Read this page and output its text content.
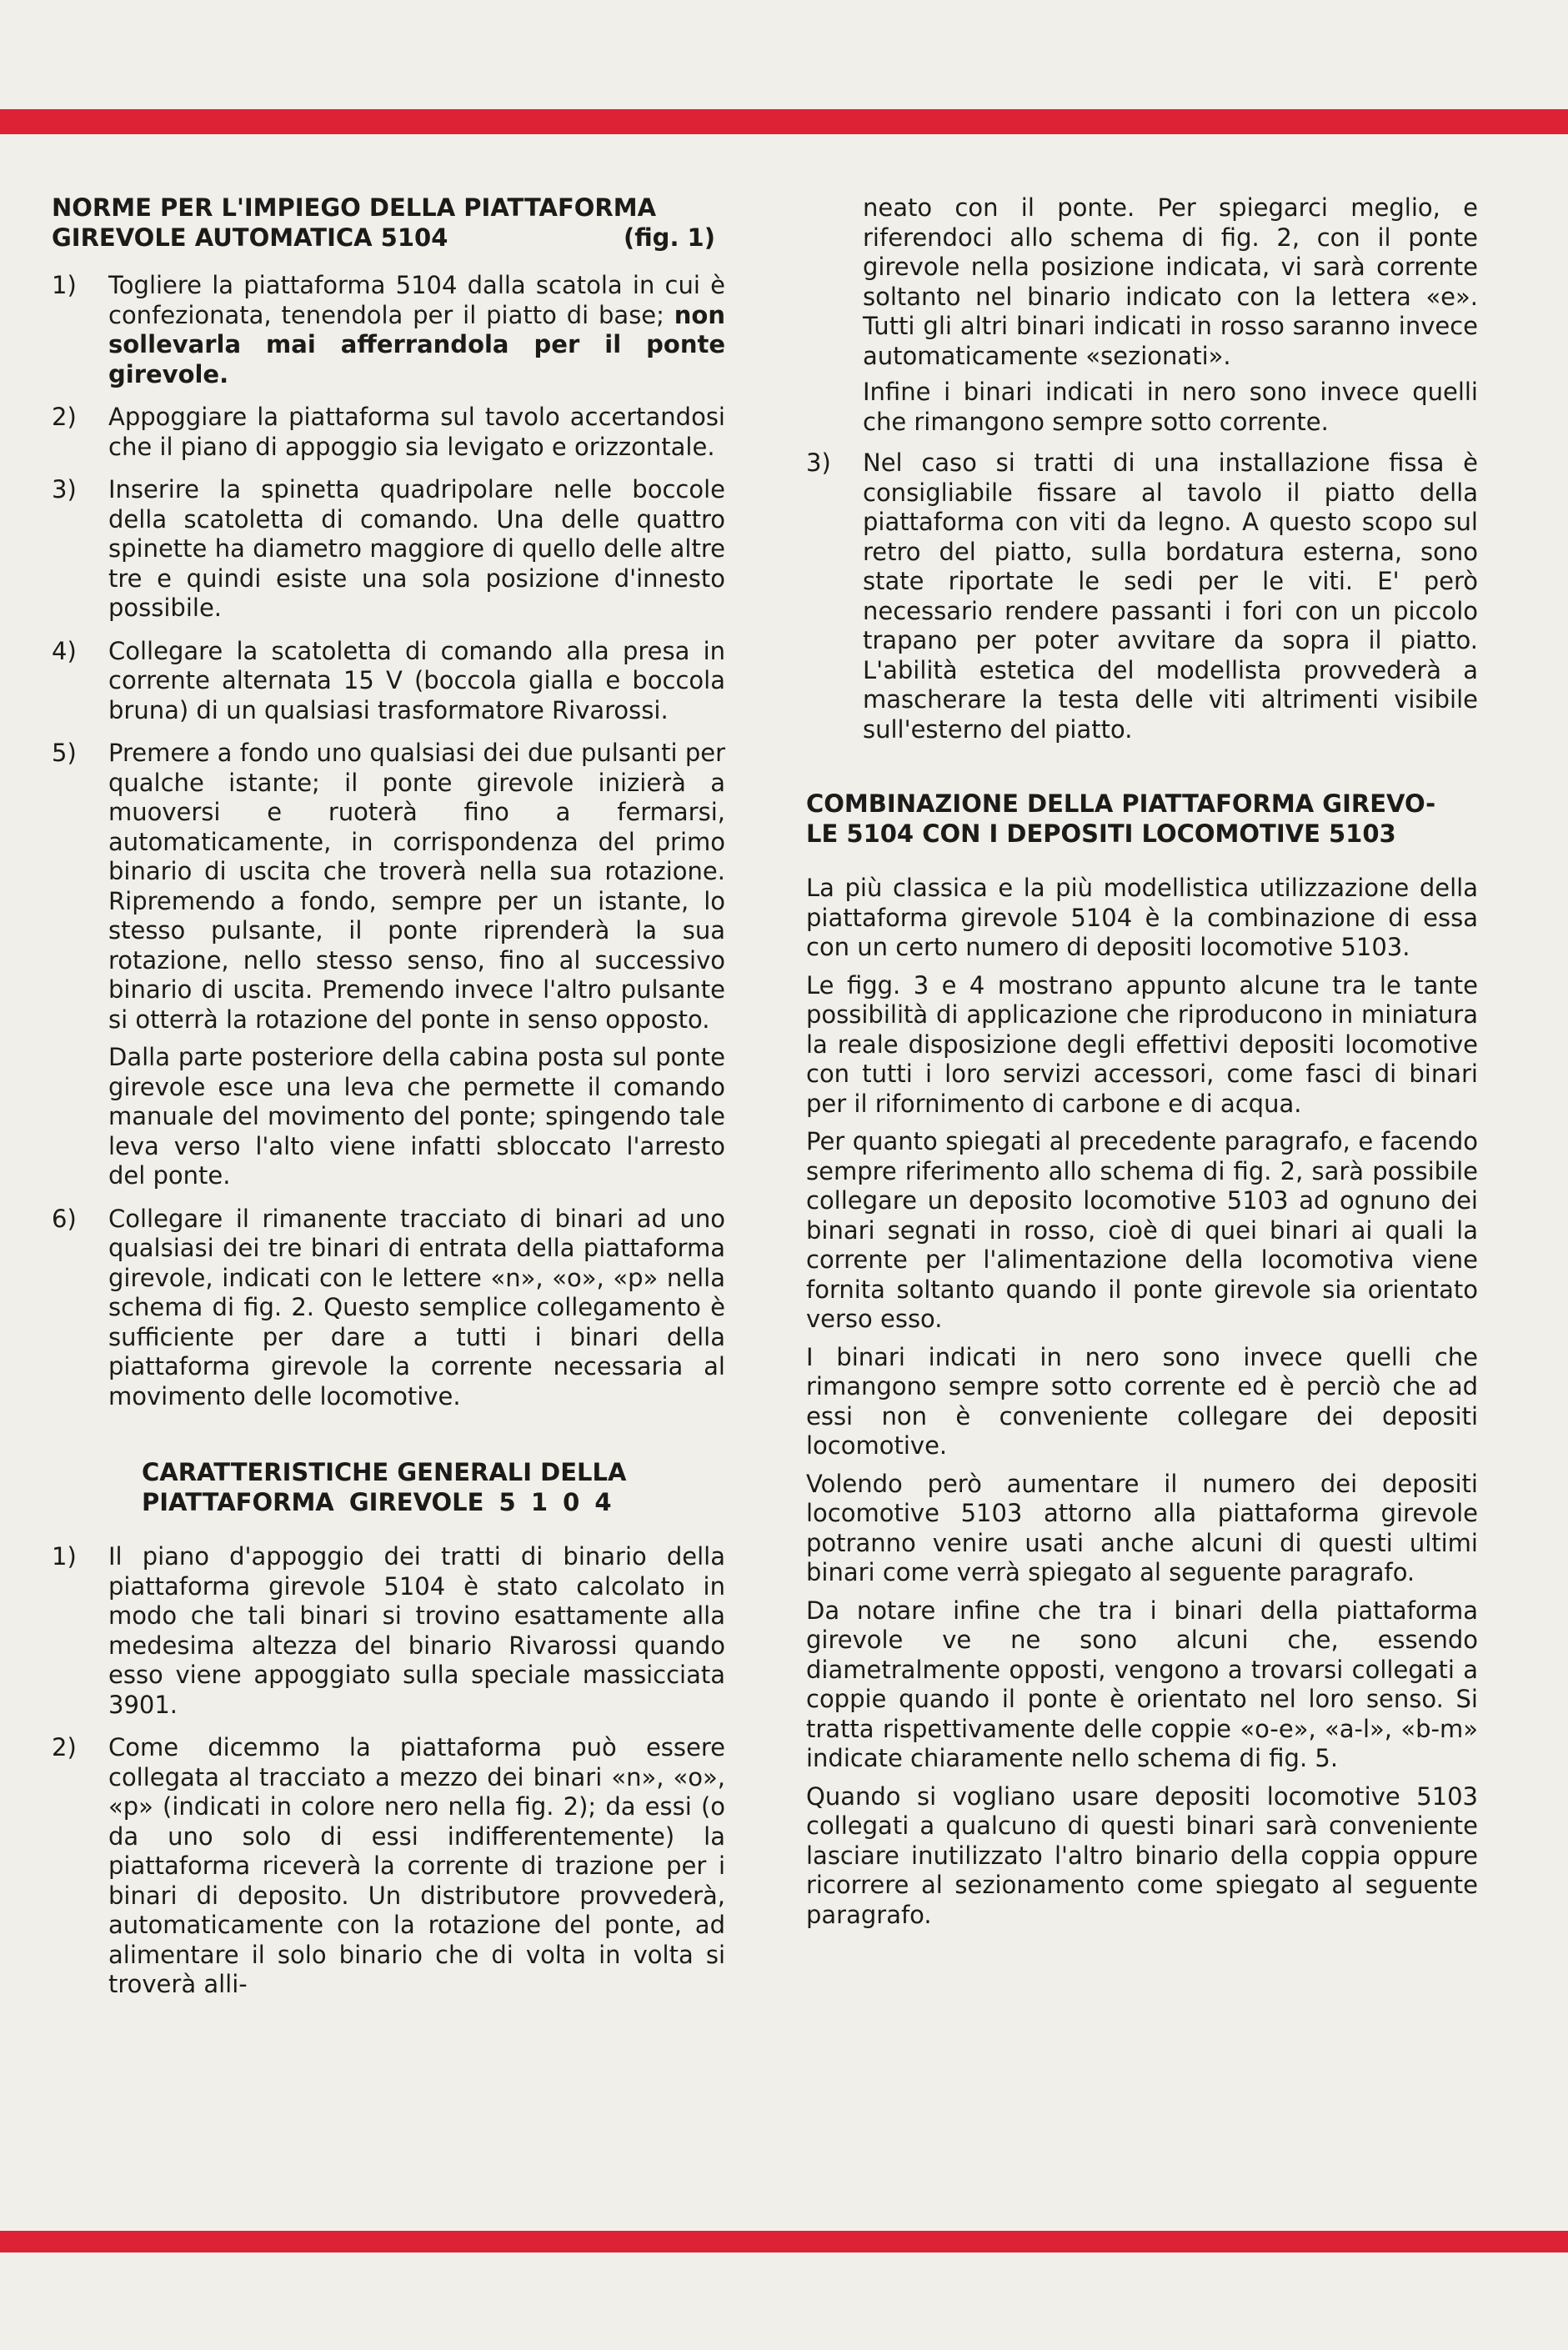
NORME PER L'IMPIEGO DELLA PIATTAFORMA
GIREVOLE AUTOMATICA 5104	(fig. 1)
1)	Togliere la piattaforma 5104 dalla scatola in cui è confezionata, tenendola per il piatto di base; non sollevarla mai afferrandola per il ponte girevole.
2)	Appoggiare la piattaforma sul tavolo accertandosi che il piano di appoggio sia levigato e orizzontale.
3)	Inserire la spinetta quadripolare nelle boccole della scatoletta di comando. Una delle quattro spinette ha diametro maggiore di quello delle altre tre e quindi esiste una sola posizione d'innesto possibile.
4)	Collegare la scatoletta di comando alla presa in corrente alternata 15 V (boccola gialla e boccola bruna) di un qualsiasi trasformatore Rivarossi.
5)	Premere a fondo uno qualsiasi dei due pulsanti per qualche istante; il ponte girevole inizierà a muoversi e ruoterà fino a fermarsi, automaticamente, in corrispondenza del primo binario di uscita che troverà nella sua rotazione. Ripremendo a fondo, sempre per un istante, lo stesso pulsante, il ponte riprenderà la sua rotazione, nello stesso senso, fino al successivo binario di uscita. Premendo invece l'altro pulsante si otterrà la rotazione del ponte in senso opposto.
Dalla parte posteriore della cabina posta sul ponte girevole esce una leva che permette il comando manuale del movimento del ponte; spingendo tale leva verso l'alto viene infatti sbloccato l'arresto del ponte.
6)	Collegare il rimanente tracciato di binari ad uno qualsiasi dei tre binari di entrata della piattaforma girevole, indicati con le lettere «n», «o», «p» nella schema di fig. 2. Questo semplice collegamento è sufficiente per dare a tutti i binari della piattaforma girevole la corrente necessaria al movimento delle locomotive.
CARATTERISTICHE GENERALI DELLA
PIATTAFORMA GIREVOLE 5 1 0 4
1)	Il piano d'appoggio dei tratti di binario della piattaforma girevole 5104 è stato calcolato in modo che tali binari si trovino esattamente alla medesima altezza del binario Rivarossi quando esso viene appoggiato sulla speciale massicciata 3901.
2)	Come dicemmo la piattaforma può essere collegata al tracciato a mezzo dei binari «n», «o», «p» (indicati in colore nero nella fig. 2); da essi (o da uno solo di essi indifferentemente) la piattaforma riceverà la corrente di trazione per i binari di deposito. Un distributore provvederà, automaticamente con la rotazione del ponte, ad alimentare il solo binario che di volta in volta si troverà alli-

neato con il ponte. Per spiegarci meglio, e riferendoci allo schema di fig. 2, con il ponte girevole nella posizione indicata, vi sarà corrente soltanto nel binario indicato con la lettera «e». Tutti gli altri binari indicati in rosso saranno invece automaticamente «sezionati».

Infine i binari indicati in nero sono invece quelli che rimangono sempre sotto corrente.

3)	Nel caso si tratti di una installazione fissa è consigliabile fissare al tavolo il piatto della piattaforma con viti da legno. A questo scopo sul retro del piatto, sulla bordatura esterna, sono state riportate le sedi per le viti. E' però necessario rendere passanti i fori con un piccolo trapano per poter avvitare da sopra il piatto. L'abilità estetica del modellista provvederà a mascherare la testa delle viti altrimenti visibile sull'esterno del piatto.
COMBINAZIONE DELLA PIATTAFORMA GIREVO-
LE 5104 CON I DEPOSITI LOCOMOTIVE 5103

La più classica e la più modellistica utilizzazione della piattaforma girevole 5104 è la combinazione di essa con un certo numero di depositi locomotive 5103.

Le figg. 3 e 4 mostrano appunto alcune tra le tante possibilità di applicazione che riproducono in miniatura la reale disposizione degli effettivi depositi locomotive con tutti i loro servizi accessori, come fasci di binari per il rifornimento di carbone e di acqua.

Per quanto spiegati al precedente paragrafo, e facendo sempre riferimento allo schema di fig. 2, sarà possibile collegare un deposito locomotive 5103 ad ognuno dei binari segnati in rosso, cioè di quei binari ai quali la corrente per l'alimentazione della locomotiva viene fornita soltanto quando il ponte girevole sia orientato verso esso.

I binari indicati in nero sono invece quelli che rimangono sempre sotto corrente ed è perciò che ad essi non è conveniente collegare dei depositi locomotive.

Volendo però aumentare il numero dei depositi locomotive 5103 attorno alla piattaforma girevole potranno venire usati anche alcuni di questi ultimi binari come verrà spiegato al seguente paragrafo.

Da notare infine che tra i binari della piattaforma girevole ve ne sono alcuni che, essendo diametralmente opposti, vengono a trovarsi collegati a coppie quando il ponte è orientato nel loro senso. Si tratta rispettivamente delle coppie «o-e», «a-l», «b-m» indicate chiaramente nello schema di fig. 5.

Quando si vogliano usare depositi locomotive 5103 collegati a qualcuno di questi binari sarà conveniente lasciare inutilizzato l'altro binario della coppia oppure ricorrere al sezionamento come spiegato al seguente paragrafo.
